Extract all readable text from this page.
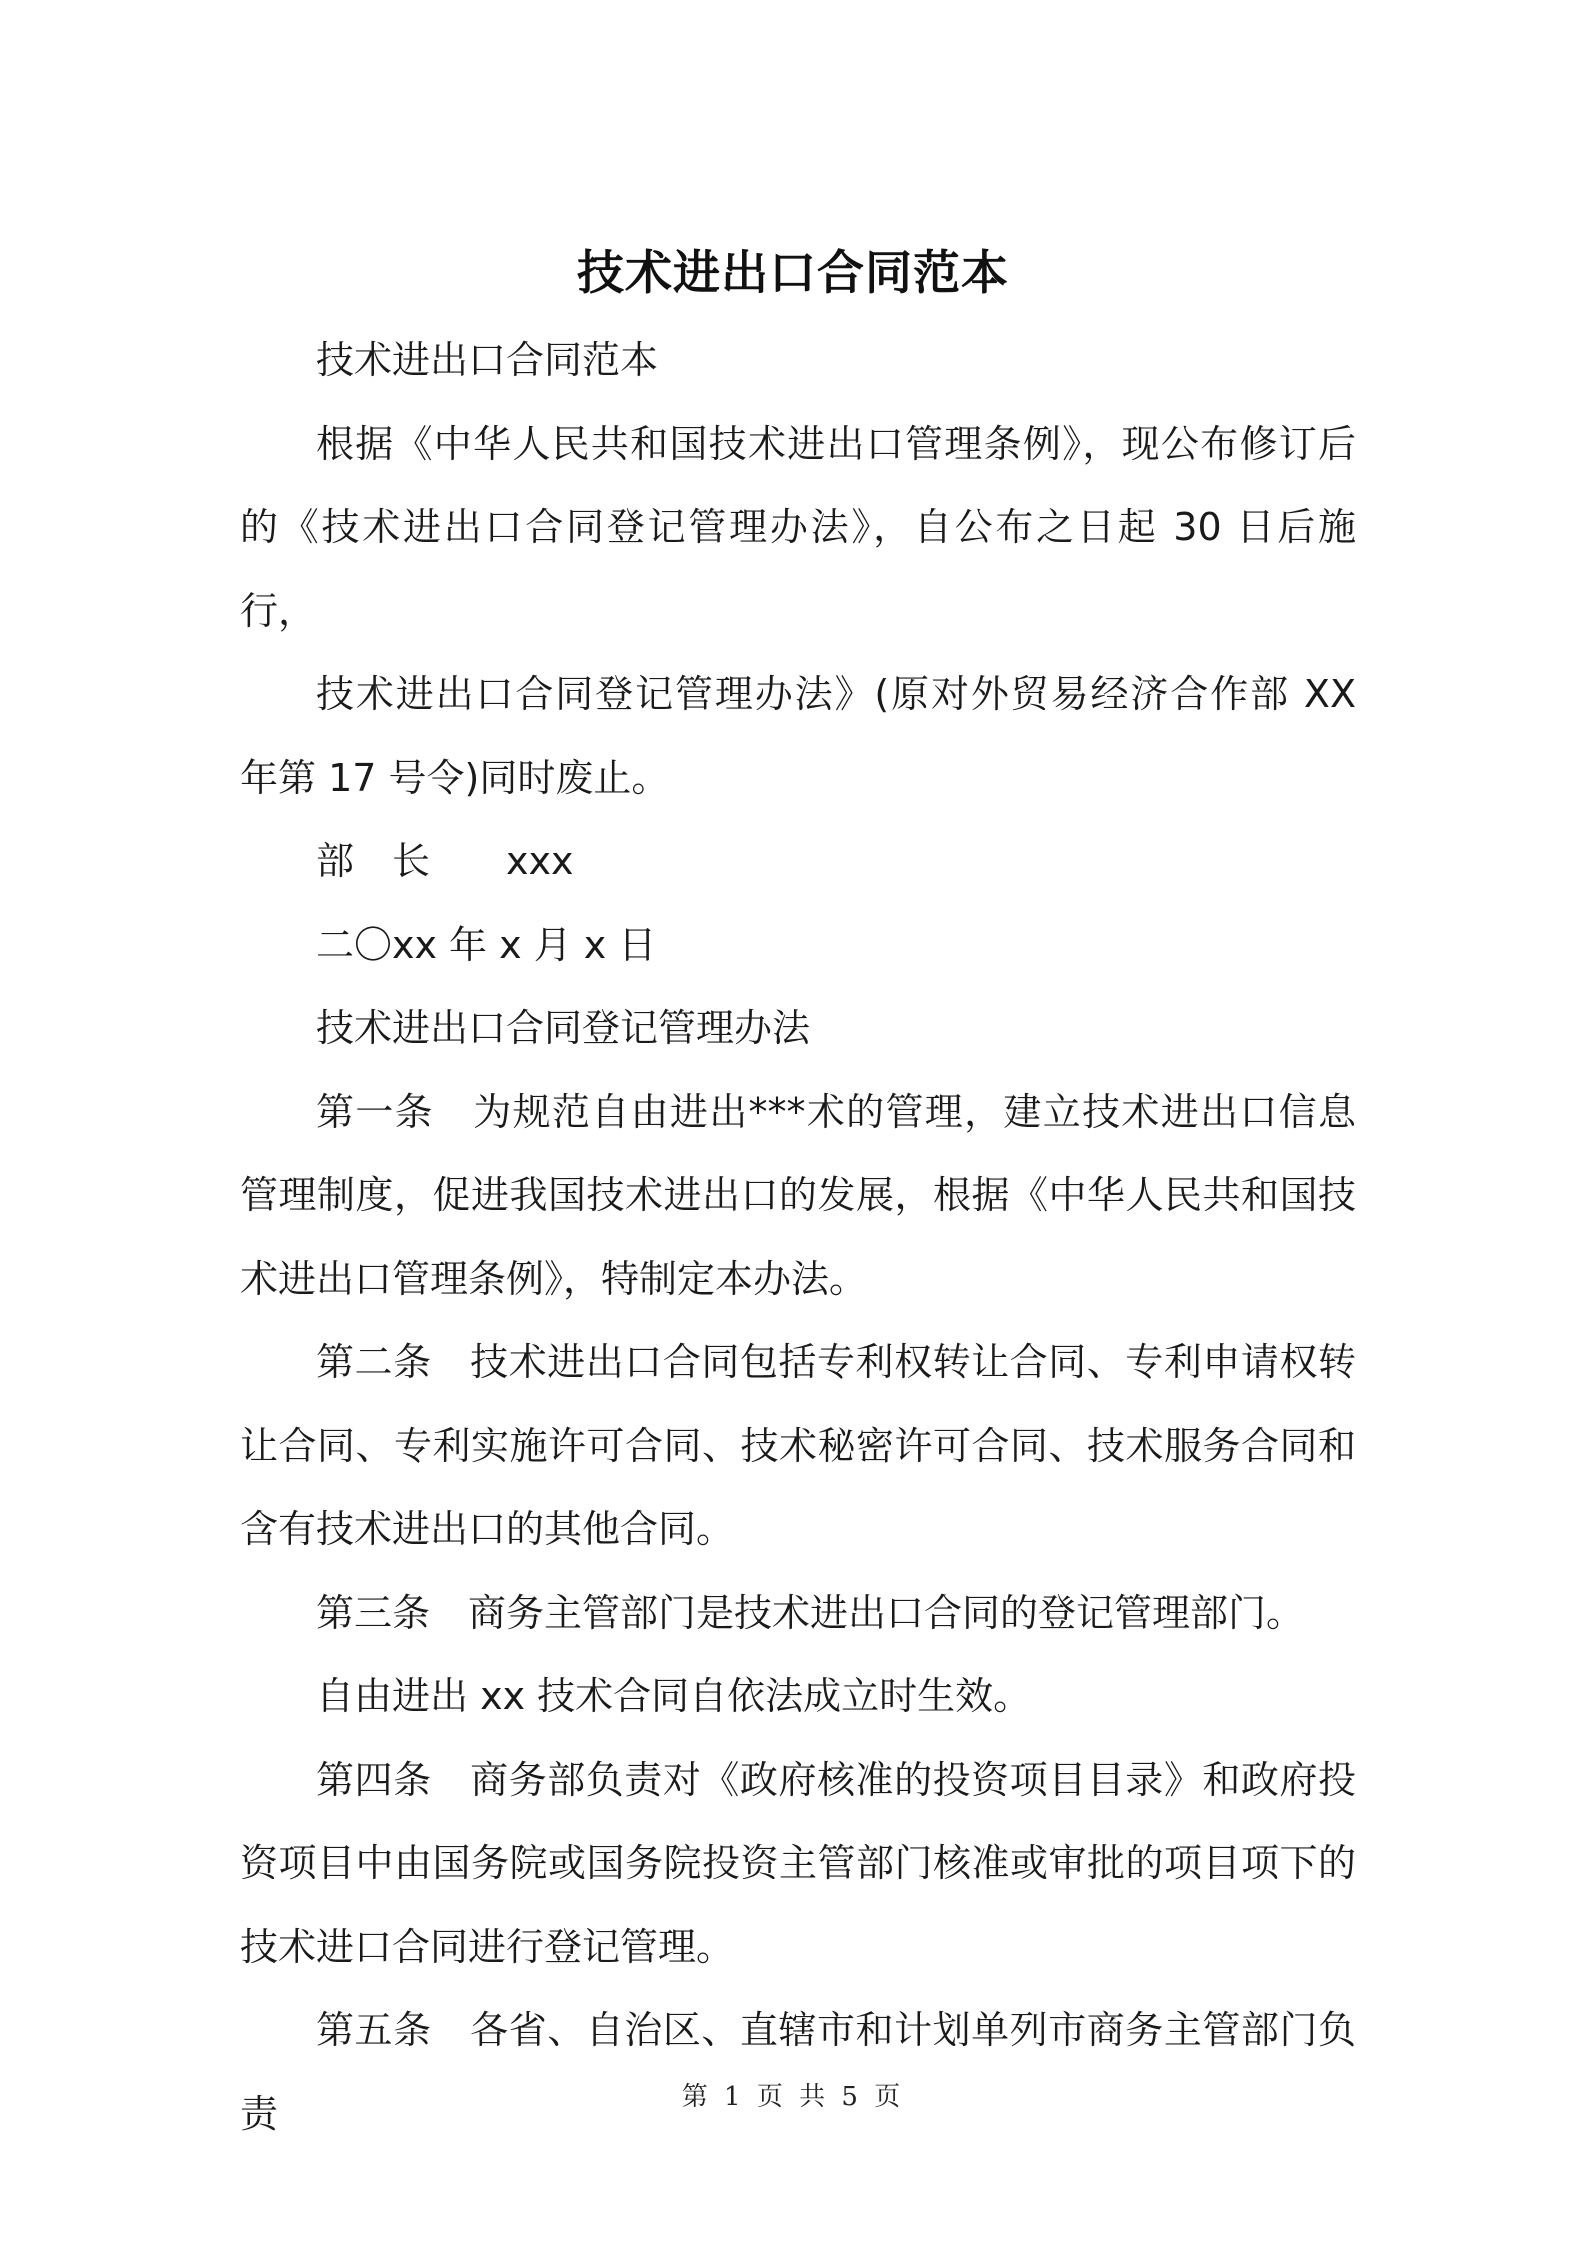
技术进出口合同范本

技术进出口合同范本

根据《中华人民共和国技术进出口管理条例》，现公布修订后的《技术进出口合同登记管理办法》，自公布之日起 30 日后施行，

技术进出口合同登记管理办法》(原对外贸易经济合作部 XX 年第 17 号令)同时废止。

部　长　　xxx

二〇xx 年 x 月 x 日

技术进出口合同登记管理办法

第一条　为规范自由进出***术的管理，建立技术进出口信息管理制度，促进我国技术进出口的发展，根据《中华人民共和国技术进出口管理条例》，特制定本办法。

第二条　技术进出口合同包括专利权转让合同、专利申请权转让合同、专利实施许可合同、技术秘密许可合同、技术服务合同和含有技术进出口的其他合同。

第三条　商务主管部门是技术进出口合同的登记管理部门。

自由进出 xx 技术合同自依法成立时生效。

第四条　商务部负责对《政府核准的投资项目目录》和政府投资项目中由国务院或国务院投资主管部门核准或审批的项目项下的技术进口合同进行登记管理。

第五条　各省、自治区、直辖市和计划单列市商务主管部门负责	第 1 页 共 5 页
